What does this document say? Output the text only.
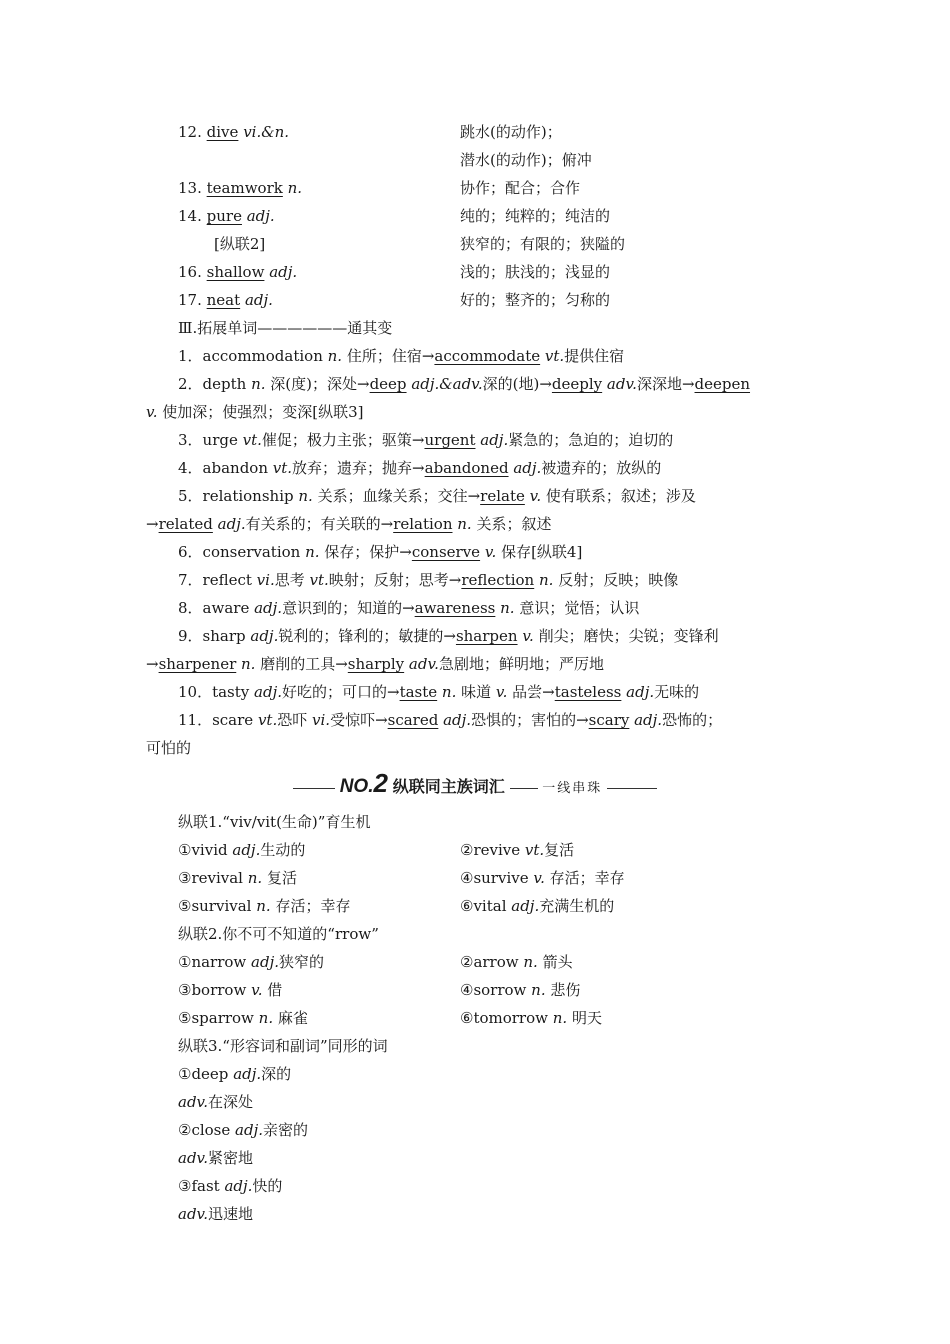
12. dive vi.&n.	跳水(的动作)；
潜水(的动作)；俯冲
13. teamwork n.	协作；配合；合作
14. pure adj.	纯的；纯粹的；纯洁的
[纵联2]	狭窄的；有限的；狭隘的
16. shallow adj.	浅的；肤浅的；浅显的
17. neat adj.	好的；整齐的；匀称的
Ⅲ.拓展单词——————通其变
1．accommodation n. 住所；住宿→accommodate vt.提供住宿
2．depth n. 深(度)；深处→deep adj.&adv.深的(地)→deeply adv.深深地→deepen
v. 使加深；使强烈；变深[纵联3]
3．urge vt.催促；极力主张；驱策→urgent adj.紧急的；急迫的；迫切的
4．abandon vt.放弃；遗弃；抛弃→abandoned adj.被遗弃的；放纵的
5．relationship n. 关系；血缘关系；交往→relate v. 使有联系；叙述；涉及
→related adj.有关系的；有关联的→relation n. 关系；叙述
6．conservation n. 保存；保护→conserve v. 保存[纵联4]
7．reflect vi.思考 vt.映射；反射；思考→reflection n. 反射；反映；映像
8．aware adj.意识到的；知道的→awareness n. 意识；觉悟；认识
9．sharp adj.锐利的；锋利的；敏捷的→sharpen v. 削尖；磨快；尖锐；变锋利
→sharpener n. 磨削的工具→sharply adv.急剧地；鲜明地；严厉地
10．tasty adj.好吃的；可口的→taste n. 味道 v. 品尝→tasteless adj.无味的
11．scare vt.恐吓 vi.受惊吓→scared adj.恐惧的；害怕的→scary adj.恐怖的；
可怕的
NO.2 纵联同主族词汇	一线串珠
纵联1.“viv/vit(生命)”育生机
①vivid adj.生动的	②revive vt.复活
③revival n. 复活	④survive v. 存活；幸存
⑤survival n. 存活；幸存	⑥vital adj.充满生机的
纵联2.你不可不知道的“rrow”
①narrow adj.狭窄的	②arrow n. 箭头
③borrow v. 借	④sorrow n. 悲伤
⑤sparrow n. 麻雀	⑥tomorrow n. 明天
纵联3.“形容词和副词”同形的词
①deep adj.深的
adv.在深处
②close adj.亲密的
adv.紧密地
③fast adj.快的
adv.迅速地
